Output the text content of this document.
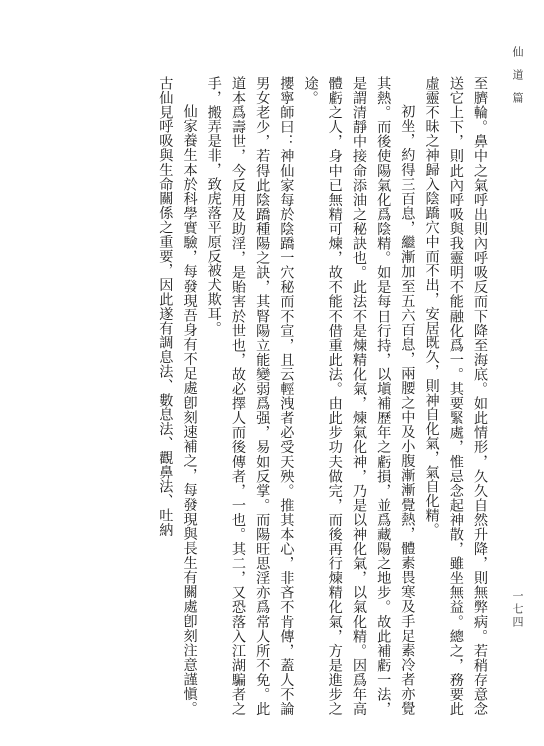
仙道篇

至臍輪。鼻中之氣呼出則內呼吸反而下降至海底。如此情形，久久自然升降，則無弊病。若稍存意念送它上下，則此內呼吸與我靈明不能融化爲一。其要緊處，惟忌念起神散，雖坐無益。總之，務要此虛靈不昧之神歸入陰蹻穴中而不出，安居既久，則神自化氣，氣自化精。

初坐，約得三百息，繼漸加至五六百息，兩腰之中及小腹漸漸覺熱，體素畏寒及手足素冷者亦覺其熱。而後使陽氣化爲陰精。如是每日行持，以塡補歷年之虧損，並爲藏陽之地步。故此補虧一法，是謂清靜中接命添油之秘訣也。此法不是煉精化氣，煉氣化神，乃是以神化氣，以氣化精。因爲年高體虧之人，身中已無精可煉，故不能不借重此法。由此步功夫做完，而後再行煉精化氣，方是進步之途。

攖寧師曰：神仙家每於陰蹻一穴秘而不宣，且云輕洩者必受天殃。推其本心，非吝不肯傳，蓋人不論男女老少，若得此陰蹻種陽之訣，其腎陽立能變弱爲强，易如反掌。而陽旺思淫亦爲常人所不免。此道本爲壽世，今反用及助淫，是貽害於世也，故必擇人而後傳者，一也。其二，又恐落入江湖騙者之手，搬弄是非，致虎落平原反被犬欺耳。

仙家養生本於科學實驗，每發現吾身有不足處卽刻速補之，每發現與長生有關處卽刻注意謹愼。古仙見呼吸與生命關係之重要，因此遂有調息法、數息法、觀鼻法、吐納

一七四
